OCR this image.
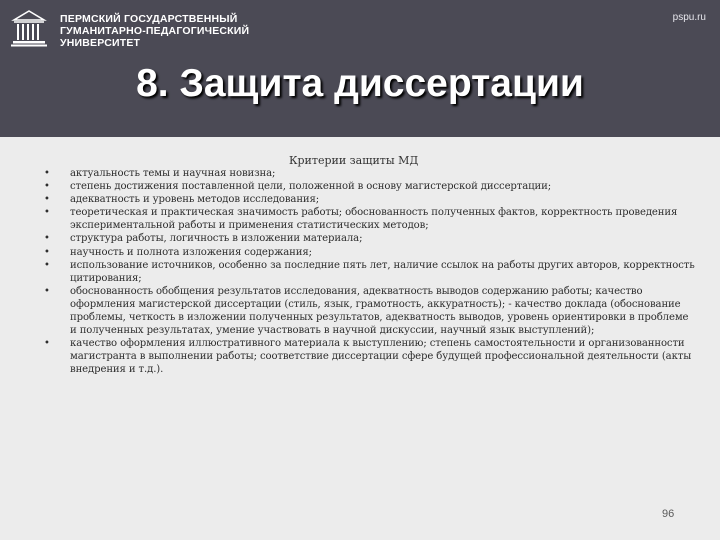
ПЕРМСКИЙ ГОСУДАРСТВЕННЫЙ
ГУМАНИТАРНО-ПЕДАГОГИЧЕСКИЙ
УНИВЕРСИТЕТ
pspu.ru
8. Защита диссертации
Критерии защиты МД
• актуальность темы и научная новизна;
• степень достижения поставленной цели, положенной в основу магистерской диссертации;
• адекватность и уровень методов исследования;
• теоретическая и практическая значимость работы; обоснованность полученных фактов, корректность проведения экспериментальной работы и применения статистических методов;
• структура работы, логичность в изложении материала;
• научность и полнота изложения содержания;
• использование источников, особенно за последние пять лет, наличие ссылок на работы других авторов, корректность цитирования;
• обоснованность обобщения результатов исследования, адекватность выводов содержанию работы; качество оформления магистерской диссертации (стиль, язык, грамотность, аккуратность); - качество доклада (обоснование проблемы, четкость в изложении полученных результатов, адекватность выводов, уровень ориентировки в проблеме и полученных результатах, умение участвовать в научной дискуссии, научный язык выступлений);
• качество оформления иллюстративного материала к выступлению; степень самостоятельности и организованности магистранта в выполнении работы; соответствие диссертации сфере будущей профессиональной деятельности (акты внедрения и т.д.).
96
